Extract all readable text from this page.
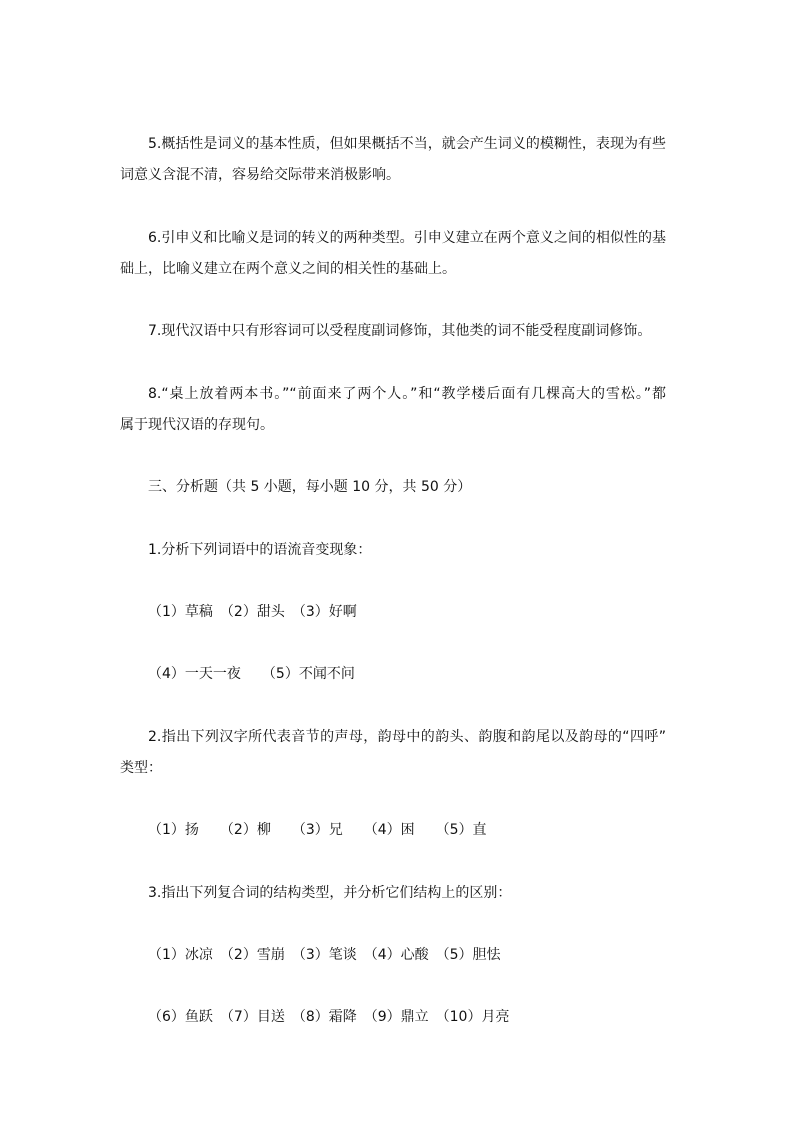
5.概括性是词义的基本性质，但如果概括不当，就会产生词义的模糊性，表现为有些
词意义含混不清，容易给交际带来消极影响。
6.引申义和比喻义是词的转义的两种类型。引申义建立在两个意义之间的相似性的基
础上，比喻义建立在两个意义之间的相关性的基础上。
7.现代汉语中只有形容词可以受程度副词修饰，其他类的词不能受程度副词修饰。
8.“桌上放着两本书。”“前面来了两个人。”和“教学楼后面有几棵高大的雪松。”都
属于现代汉语的存现句。
三、分析题（共 5 小题，每小题 10 分，共 50 分）
1.分析下列词语中的语流音变现象：
（1）草稿　（2）甜头　（3）好啊
（4）一天一夜　　（5）不闻不问
2.指出下列汉字所代表音节的声母，韵母中的韵头、韵腹和韵尾以及韵母的“四呼”
类型：
（1）扬　　（2）柳　　（3）兄　　（4）困　　（5）直
3.指出下列复合词的结构类型，并分析它们结构上的区别：
（1）冰凉　（2）雪崩　（3）笔谈　（4）心酸　（5）胆怯
（6）鱼跃　（7）目送　（8）霜降　（9）鼎立　（10）月亮
